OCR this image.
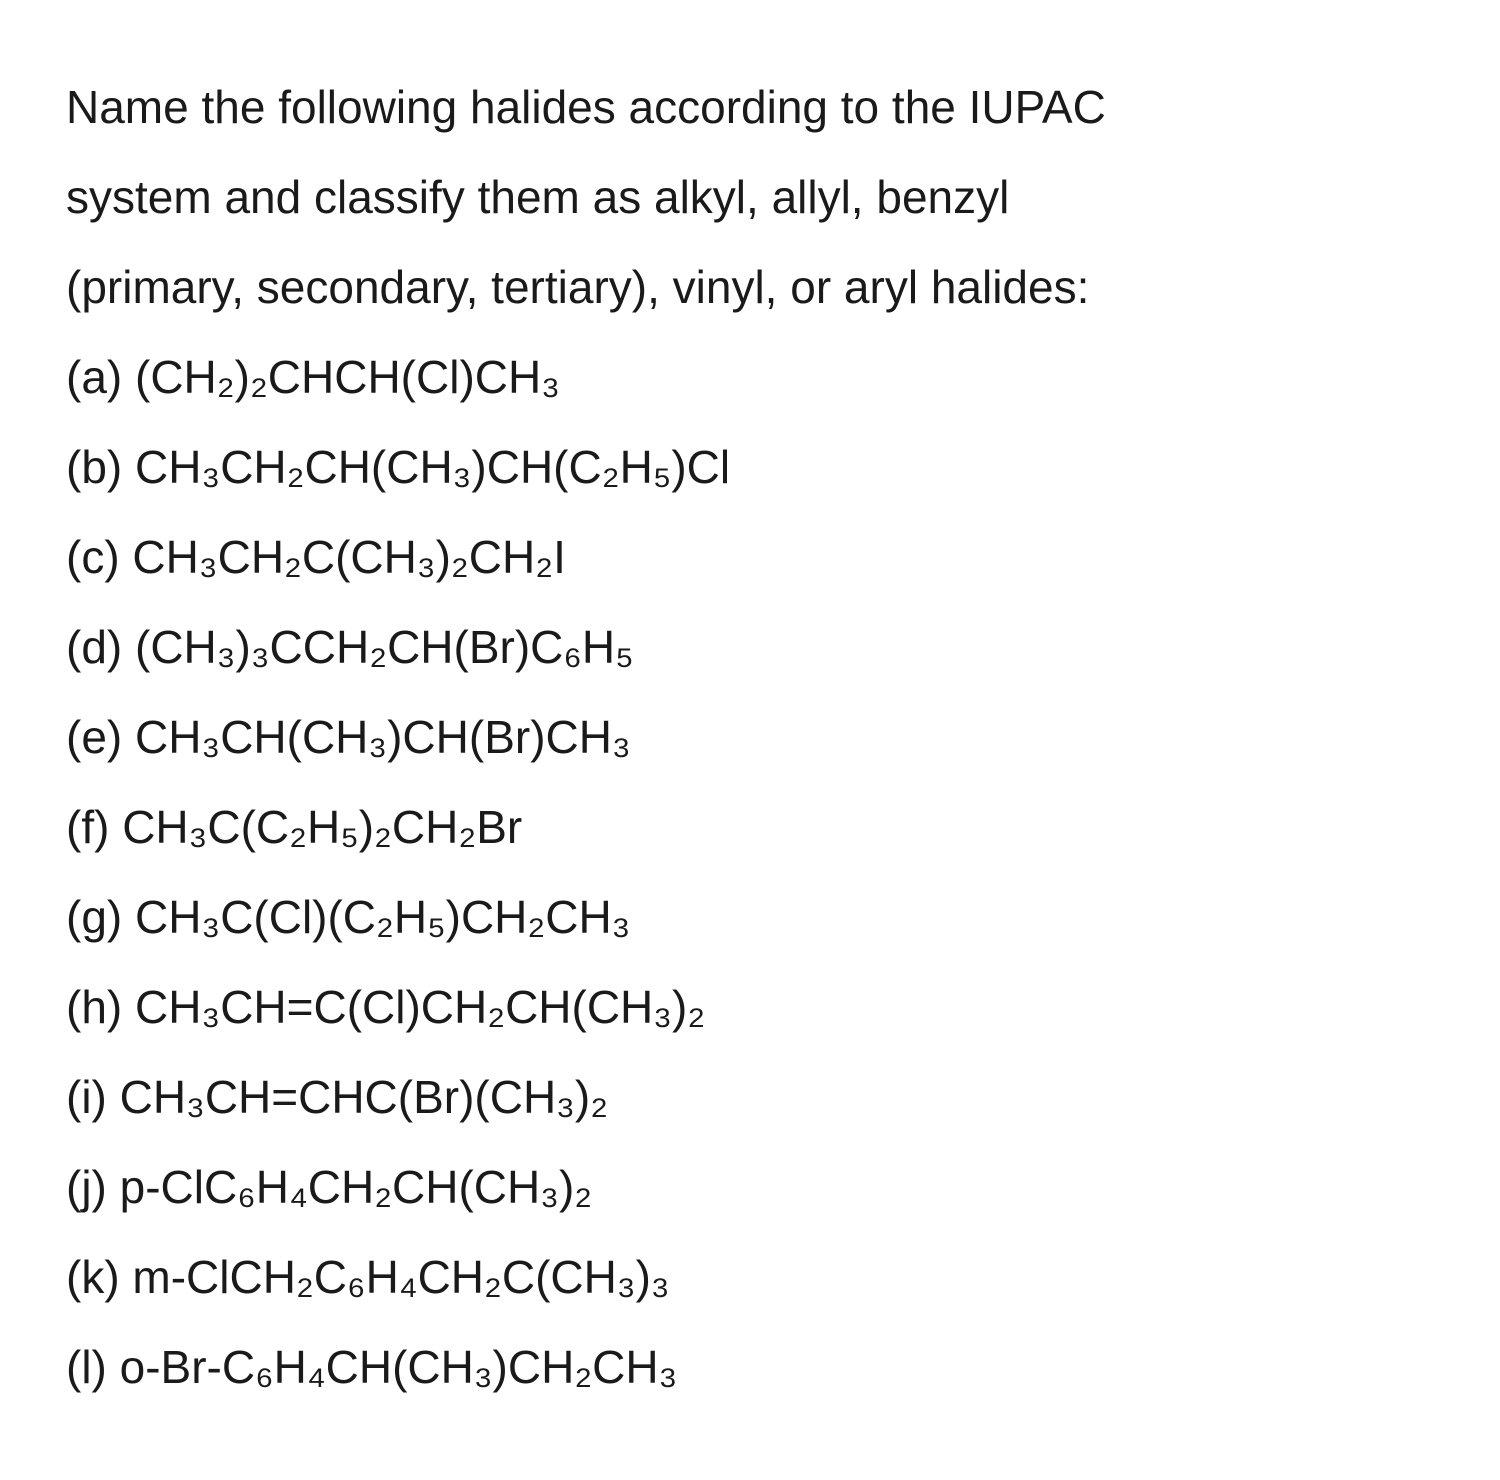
Name the following halides according to the IUPAC
system and classify them as alkyl, allyl, benzyl
(primary, secondary, tertiary), vinyl, or aryl halides:
(a) (CH₂)₂CHCH(Cl)CH₃
(b) CH₃CH₂CH(CH₃)CH(C₂H₅)Cl
(c) CH₃CH₂C(CH₃)₂CH₂I
(d) (CH₃)₃CCH₂CH(Br)C₆H₅
(e) CH₃CH(CH₃)CH(Br)CH₃
(f) CH₃C(C₂H₅)₂CH₂Br
(g) CH₃C(Cl)(C₂H₅)CH₂CH₃
(h) CH₃CH=C(Cl)CH₂CH(CH₃)₂
(i) CH₃CH=CHC(Br)(CH₃)₂
(j) p-ClC₆H₄CH₂CH(CH₃)₂
(k) m-ClCH₂C₆H₄CH₂C(CH₃)₃
(l) o-Br-C₆H₄CH(CH₃)CH₂CH₃
